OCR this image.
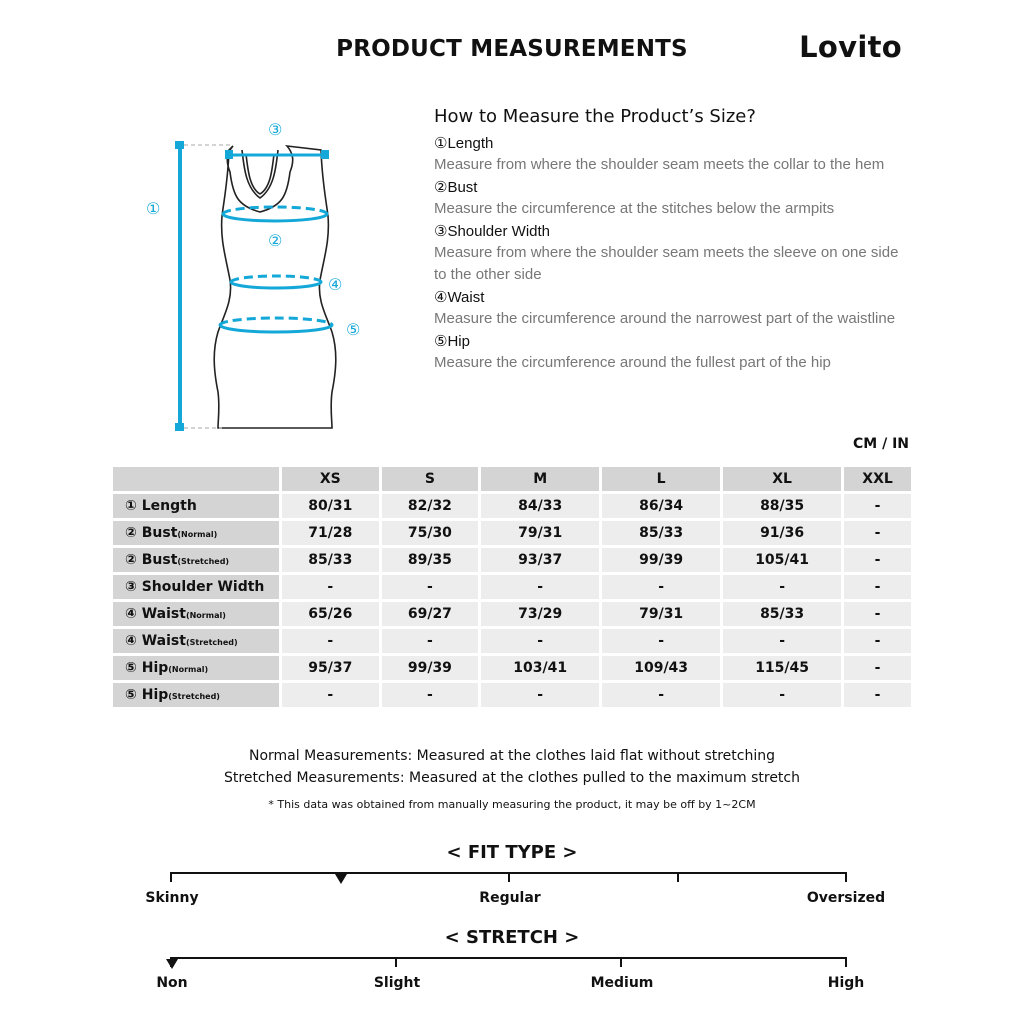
PRODUCT MEASUREMENTS	Lovito
①
②
③
④
⑤
How to Measure the Product’s Size?
①Length
Measure from where the shoulder seam meets the collar to the hem
②Bust
Measure the circumference at the stitches below the armpits
③Shoulder Width
Measure from where the shoulder seam meets the sleeve on one side to the other side
④Waist
Measure the circumference around the narrowest part of the waistline
⑤Hip
Measure the circumference around the fullest part of the hip
CM / IN
	XS	S	M	L	XL	XXL
① Length	80/31	82/32	84/33	86/34	88/35	-
② Bust(Normal)	71/28	75/30	79/31	85/33	91/36	-
② Bust(Stretched)	85/33	89/35	93/37	99/39	105/41	-
③ Shoulder Width	-	-	-	-	-	-
④ Waist(Normal)	65/26	69/27	73/29	79/31	85/33	-
④ Waist(Stretched)	-	-	-	-	-	-
⑤ Hip(Normal)	95/37	99/39	103/41	109/43	115/45	-
⑤ Hip(Stretched)	-	-	-	-	-	-
Normal Measurements: Measured at the clothes laid flat without stretching
Stretched Measurements: Measured at the clothes pulled to the maximum stretch
* This data was obtained from manually measuring the product, it may be off by 1~2CM
< FIT TYPE >
Skinny	Regular	Oversized
< STRETCH >
Non	Slight	Medium	High
